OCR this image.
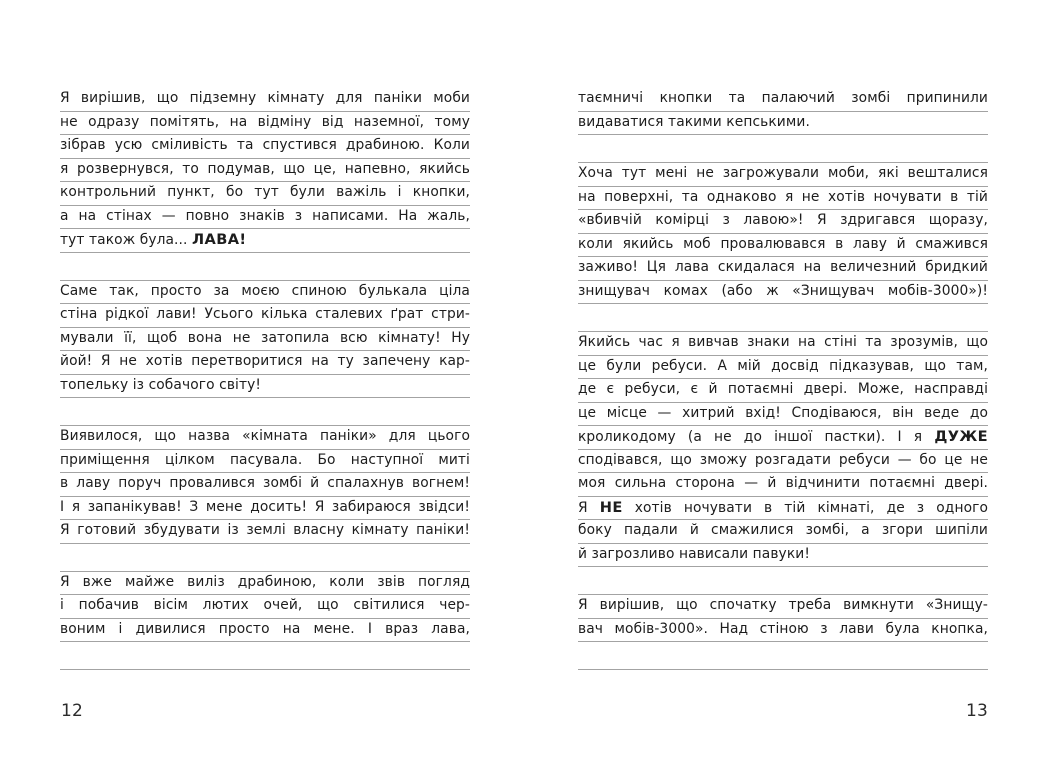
Я вирішив, що підземну кімнату для паніки моби
не одразу помітять, на відміну від наземної, тому
зібрав усю сміливість та спустився драбиною. Коли
я розвернувся, то подумав, що це, напевно, якийсь
контрольний пункт, бо тут були важіль і кнопки,
а на стінах — повно знаків з написами. На жаль,
тут також була... ЛАВА!
Саме так, просто за моєю спиною булькала ціла
стіна рідкої лави! Усього кілька сталевих ґрат стри-
мували її, щоб вона не затопила всю кімнату! Ну
йой! Я не хотів перетворитися на ту запечену кар-
топельку із собачого світу!
Виявилося, що назва «кімната паніки» для цього
приміщення цілком пасувала. Бо наступної миті
в лаву поруч провалився зомбі й спалахнув вогнем!
І я запанікував! З мене досить! Я забираюся звідси!
Я готовий збудувати із землі власну кімнату паніки!
Я вже майже виліз драбиною, коли звів погляд
і побачив вісім лютих очей, що світилися чер-
воним і дивилися просто на мене. І враз лава,
таємничі кнопки та палаючий зомбі припинили
видаватися такими кепськими.
Хоча тут мені не загрожували моби, які вешталися
на поверхні, та однаково я не хотів ночувати в тій
«вбивчій комірці з лавою»! Я здригався щоразу,
коли якийсь моб провалювався в лаву й смажився
заживо! Ця лава скидалася на величезний бридкий
знищувач комах (або ж «Знищувач мобів-3000»)!
Якийсь час я вивчав знаки на стіні та зрозумів, що
це були ребуси. А мій досвід підказував, що там,
де є ребуси, є й потаємні двері. Може, насправді
це місце — хитрий вхід! Сподіваюся, він веде до
кроликодому (а не до іншої пастки). І я ДУЖЕ
сподівався, що зможу розгадати ребуси — бо це не
моя сильна сторона — й відчинити потаємні двері.
Я НЕ хотів ночувати в тій кімнаті, де з одного
боку падали й смажилися зомбі, а згори шипіли
й загрозливо нависали павуки!
Я вирішив, що спочатку треба вимкнути «Знищу-
вач мобів-3000». Над стіною з лави була кнопка,
12	13
